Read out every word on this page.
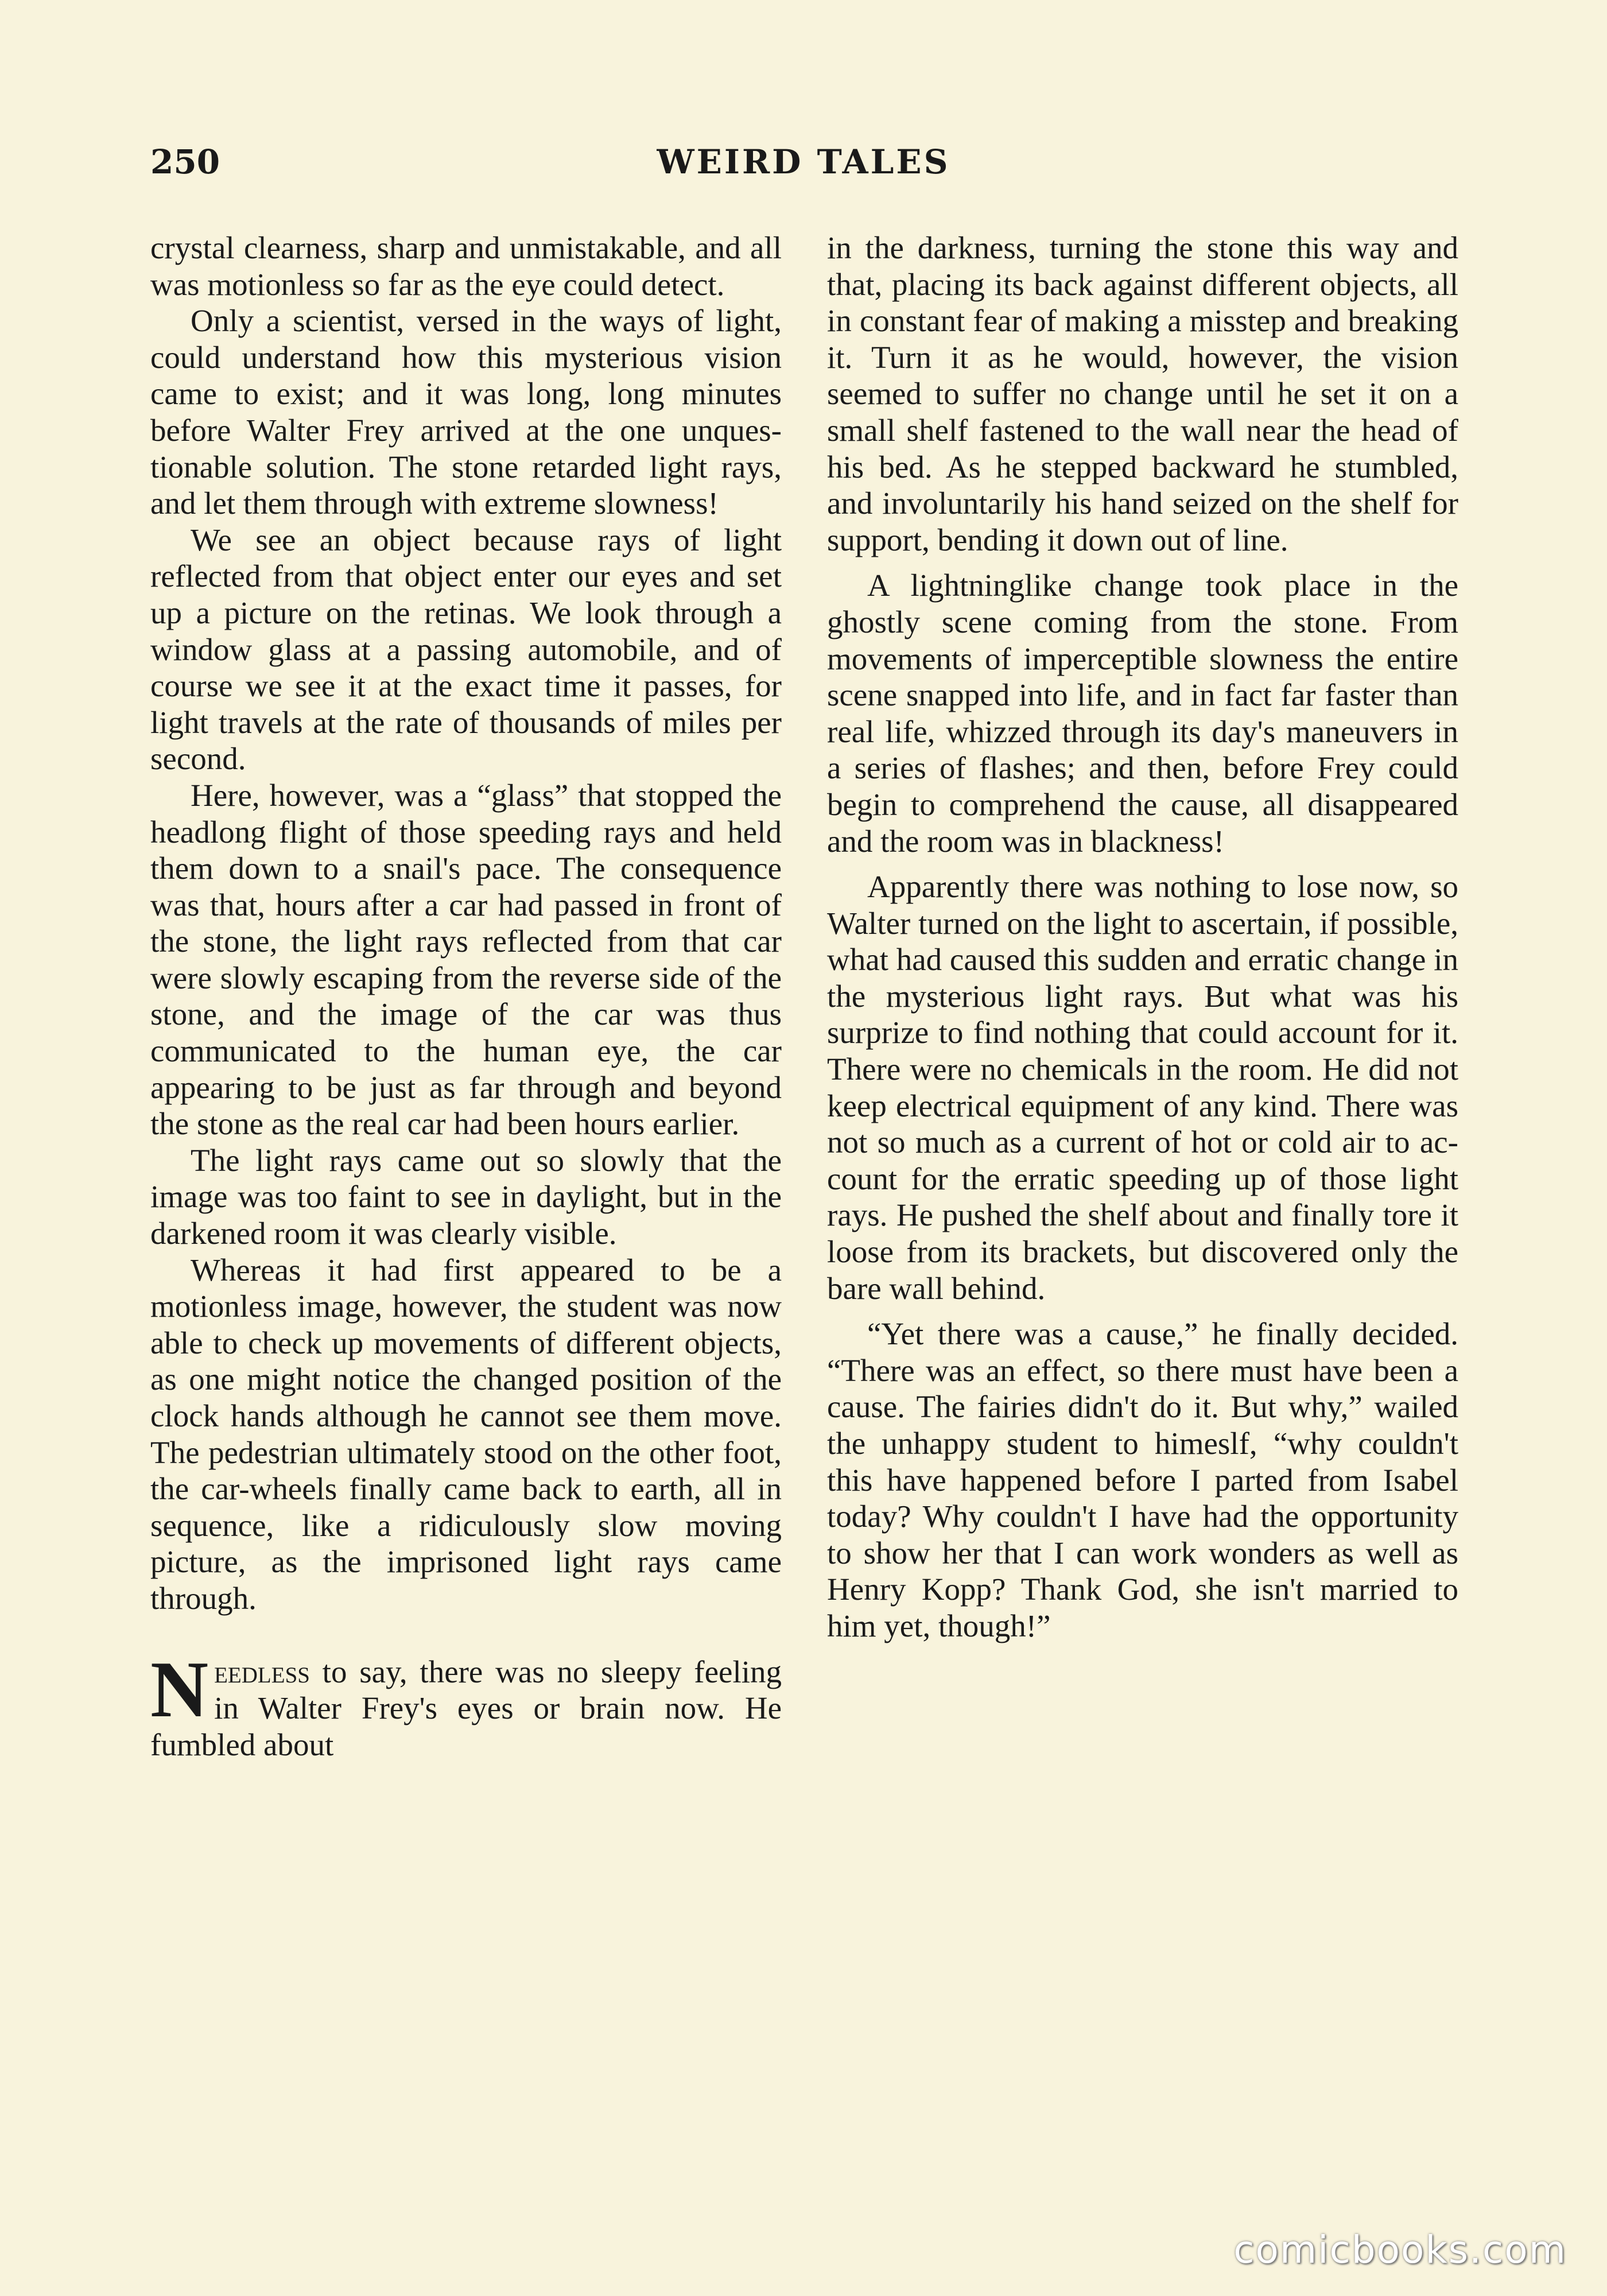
250	WEIRD TALES

crystal clearness, sharp and unmistakable, and all was motionless so far as the eye could detect.

Only a scientist, versed in the ways of light, could understand how this mysterious vision came to exist; and it was long, long minutes before Walter Frey arrived at the one unquestionable solution. The stone retarded light rays, and let them through with extreme slowness!

We see an object because rays of light reflected from that object enter our eyes and set up a picture on the retinas. We look through a window glass at a passing automobile, and of course we see it at the exact time it passes, for light travels at the rate of thousands of miles per second.

Here, however, was a “glass” that stopped the headlong flight of those speeding rays and held them down to a snail's pace. The consequence was that, hours after a car had passed in front of the stone, the light rays reflected from that car were slowly escaping from the reverse side of the stone, and the image of the car was thus communicated to the human eye, the car appearing to be just as far through and beyond the stone as the real car had been hours earlier.

The light rays came out so slowly that the image was too faint to see in daylight, but in the darkened room it was clearly visible.

Whereas it had first appeared to be a motionless image, however, the student was now able to check up movements of different objects, as one might notice the changed position of the clock hands although he cannot see them move. The pedestrian ultimately stood on the other foot, the car-wheels finally came back to earth, all in sequence, like a ridiculously slow moving picture, as the imprisoned light rays came through.

Needless to say, there was no sleepy feeling in Walter Frey's eyes or brain now. He fumbled about

in the darkness, turning the stone this way and that, placing its back against different objects, all in constant fear of making a misstep and breaking it. Turn it as he would, however, the vision seemed to suffer no change until he set it on a small shelf fastened to the wall near the head of his bed. As he stepped backward he stumbled, and involuntarily his hand seized on the shelf for support, bending it down out of line.

A lightninglike change took place in the ghostly scene coming from the stone. From movements of imperceptible slowness the entire scene snapped into life, and in fact far faster than real life, whizzed through its day's maneuvers in a series of flashes; and then, before Frey could begin to comprehend the cause, all disappeared and the room was in blackness!

Apparently there was nothing to lose now, so Walter turned on the light to ascertain, if possible, what had caused this sudden and erratic change in the mysterious light rays. But what was his surprize to find nothing that could account for it. There were no chemicals in the room. He did not keep electrical equipment of any kind. There was not so much as a current of hot or cold air to account for the erratic speeding up of those light rays. He pushed the shelf about and finally tore it loose from its brackets, but discovered only the bare wall behind.

“Yet there was a cause,” he finally decided. “There was an effect, so there must have been a cause. The fairies didn't do it. But why,” wailed the unhappy student to himeslf, “why couldn't this have happened before I parted from Isabel today? Why couldn't I have had the opportunity to show her that I can work wonders as well as Henry Kopp? Thank God, she isn't married to him yet, though!”

comicbooks.com
